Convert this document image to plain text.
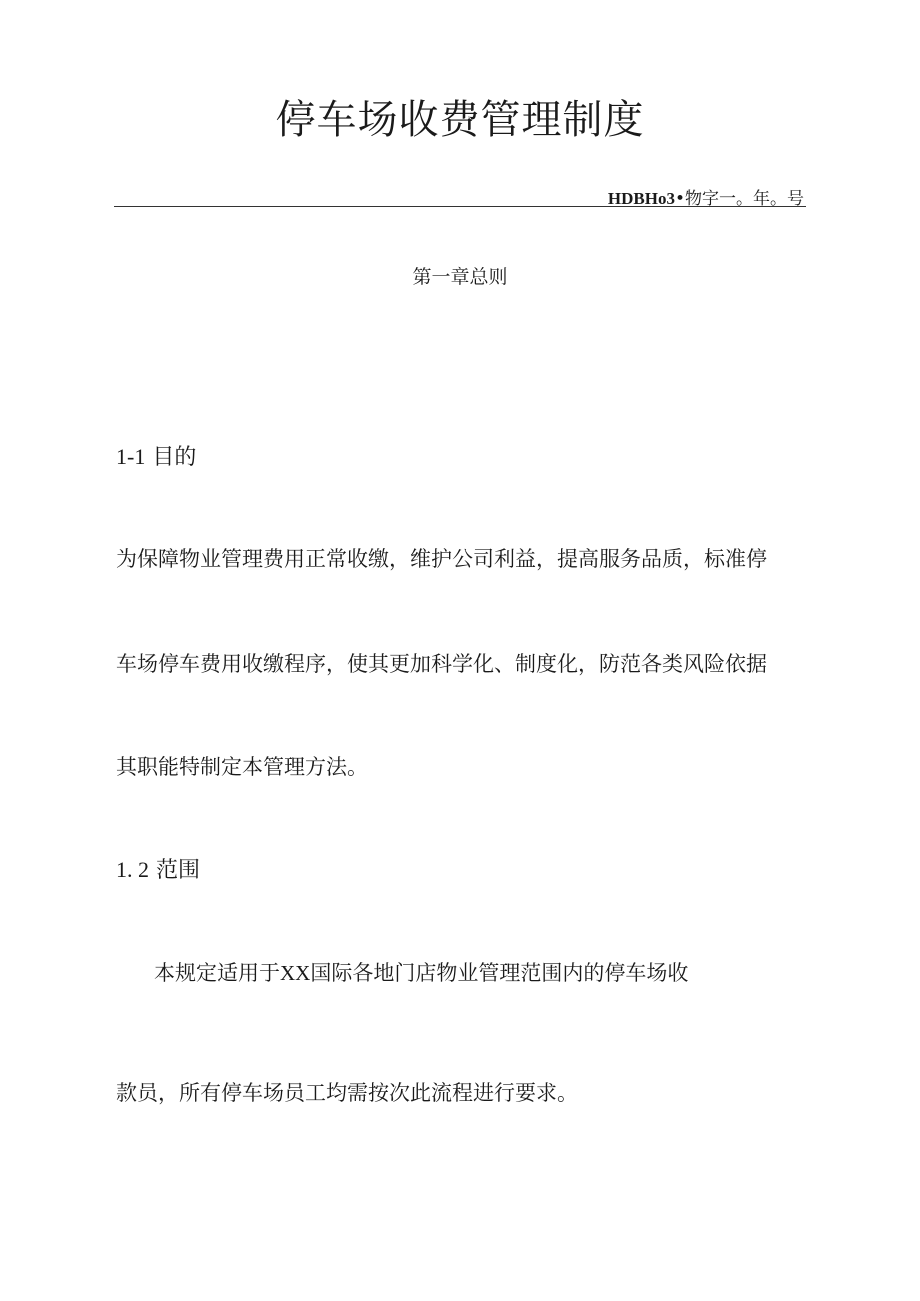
停车场收费管理制度
HDBHo3•物字一。年。号
第一章总则
1-1 目的
为保障物业管理费用正常收缴，维护公司利益，提高服务品质，标准停
车场停车费用收缴程序，使其更加科学化、制度化，防范各类风险依据
其职能特制定本管理方法。
1. 2 范围
本规定适用于XX国际各地门店物业管理范围内的停车场收
款员，所有停车场员工均需按次此流程进行要求。
